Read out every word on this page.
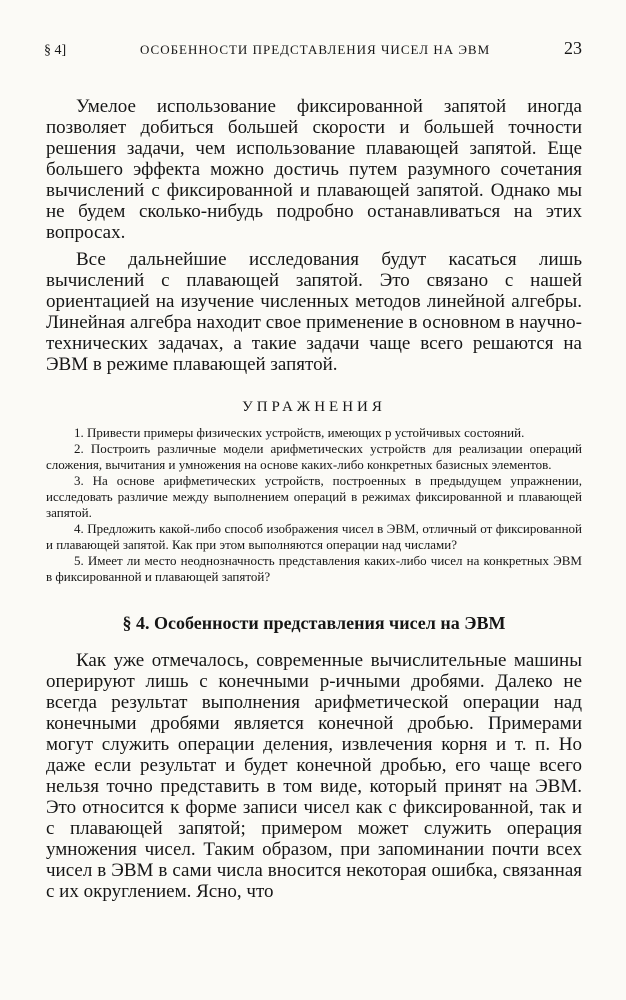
§ 4]	ОСОБЕННОСТИ ПРЕДСТАВЛЕНИЯ ЧИСЕЛ НА ЭВМ	23

Умелое использование фиксированной запятой иногда позволяет добиться большей скорости и большей точности решения задачи, чем использование плавающей запятой. Еще большего эффекта можно достичь путем разумного сочетания вычислений с фиксированной и плавающей запятой. Однако мы не будем сколько-нибудь подробно останавливаться на этих вопросах.

Все дальнейшие исследования будут касаться лишь вычислений с плавающей запятой. Это связано с нашей ориентацией на изучение численных методов линейной алгебры. Линейная алгебра находит свое применение в основном в научно-технических задачах, а такие задачи чаще всего решаются на ЭВМ в режиме плавающей запятой.

УПРАЖНЕНИЯ

1. Привести примеры физических устройств, имеющих p устойчивых состояний.

2. Построить различные модели арифметических устройств для реализации операций сложения, вычитания и умножения на основе каких-либо конкретных базисных элементов.

3. На основе арифметических устройств, построенных в предыдущем упражнении, исследовать различие между выполнением операций в режимах фиксированной и плавающей запятой.

4. Предложить какой-либо способ изображения чисел в ЭВМ, отличный от фиксированной и плавающей запятой. Как при этом выполняются операции над числами?

5. Имеет ли место неоднозначность представления каких-либо чисел на конкретных ЭВМ в фиксированной и плавающей запятой?

§ 4. Особенности представления чисел на ЭВМ

Как уже отмечалось, современные вычислительные машины оперируют лишь с конечными p-ичными дробями. Далеко не всегда результат выполнения арифметической операции над конечными дробями является конечной дробью. Примерами могут служить операции деления, извлечения корня и т. п. Но даже если результат и будет конечной дробью, его чаще всего нельзя точно представить в том виде, который принят на ЭВМ. Это относится к форме записи чисел как с фиксированной, так и с плавающей запятой; примером может служить операция умножения чисел. Таким образом, при запоминании почти всех чисел в ЭВМ в сами числа вносится некоторая ошибка, связанная с их округлением. Ясно, что
